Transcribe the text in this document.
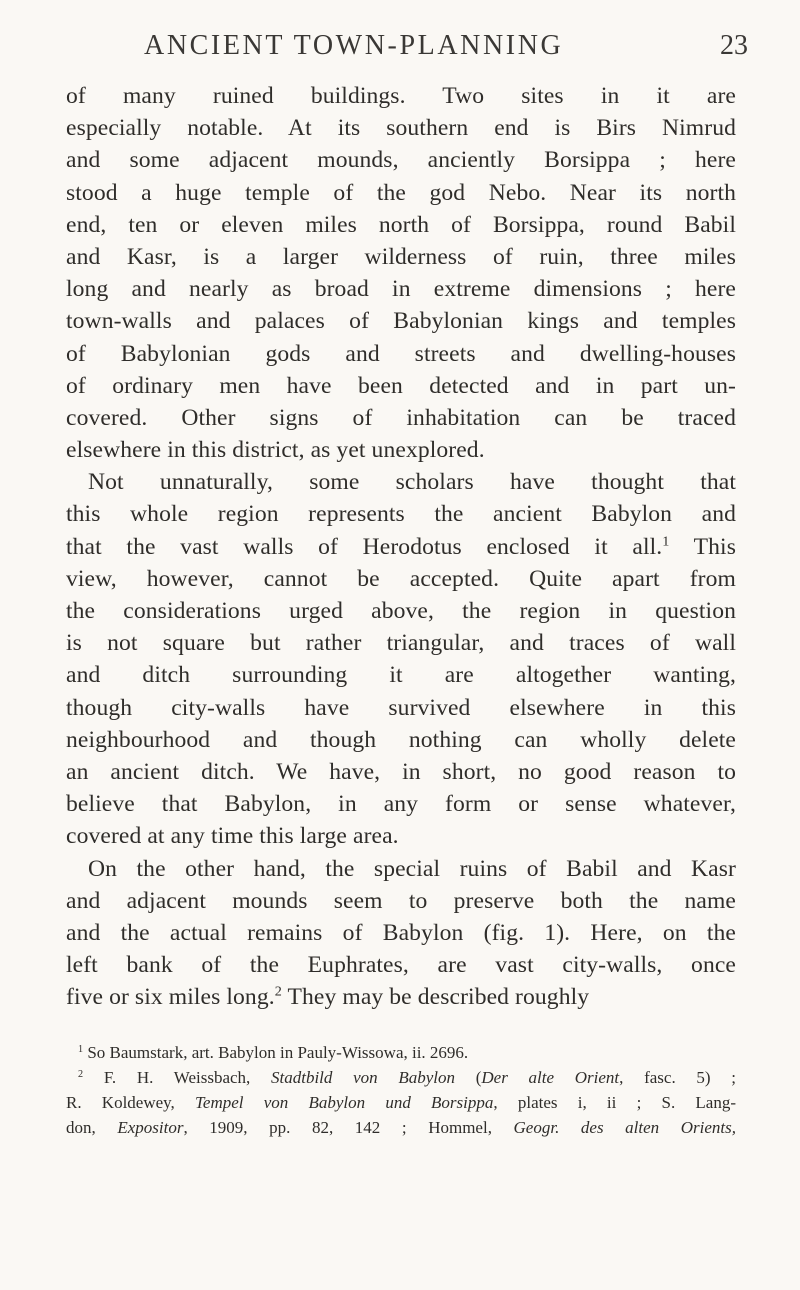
ANCIENT TOWN-PLANNING	23
of many ruined buildings. Two sites in it are
especially notable. At its southern end is Birs Nimrud
and some adjacent mounds, anciently Borsippa ; here
stood a huge temple of the god Nebo. Near its north
end, ten or eleven miles north of Borsippa, round Babil
and Kasr, is a larger wilderness of ruin, three miles
long and nearly as broad in extreme dimensions ; here
town-walls and palaces of Babylonian kings and temples
of Babylonian gods and streets and dwelling-houses
of ordinary men have been detected and in part un-
covered. Other signs of inhabitation can be traced
elsewhere in this district, as yet unexplored.
Not unnaturally, some scholars have thought that
this whole region represents the ancient Babylon and
that the vast walls of Herodotus enclosed it all.$^1$ This
view, however, cannot be accepted. Quite apart from
the considerations urged above, the region in question
is not square but rather triangular, and traces of wall
and ditch surrounding it are altogether wanting,
though city-walls have survived elsewhere in this
neighbourhood and though nothing can wholly delete
an ancient ditch. We have, in short, no good reason to
believe that Babylon, in any form or sense whatever,
covered at any time this large area.
On the other hand, the special ruins of Babil and Kasr
and adjacent mounds seem to preserve both the name
and the actual remains of Babylon (fig. 1). Here, on the
left bank of the Euphrates, are vast city-walls, once
five or six miles long.$^2$ They may be described roughly
$^1$ So Baumstark, art. Babylon in Pauly-Wissowa, ii. 2696.
$^2$ F. H. Weissbach, Stadtbild von Babylon (Der alte Orient, fasc. 5) ;
R. Koldewey, Tempel von Babylon und Borsippa, plates i, ii ; S. Lang-
don, Expositor, 1909, pp. 82, 142 ; Hommel, Geogr. des alten Orients,
